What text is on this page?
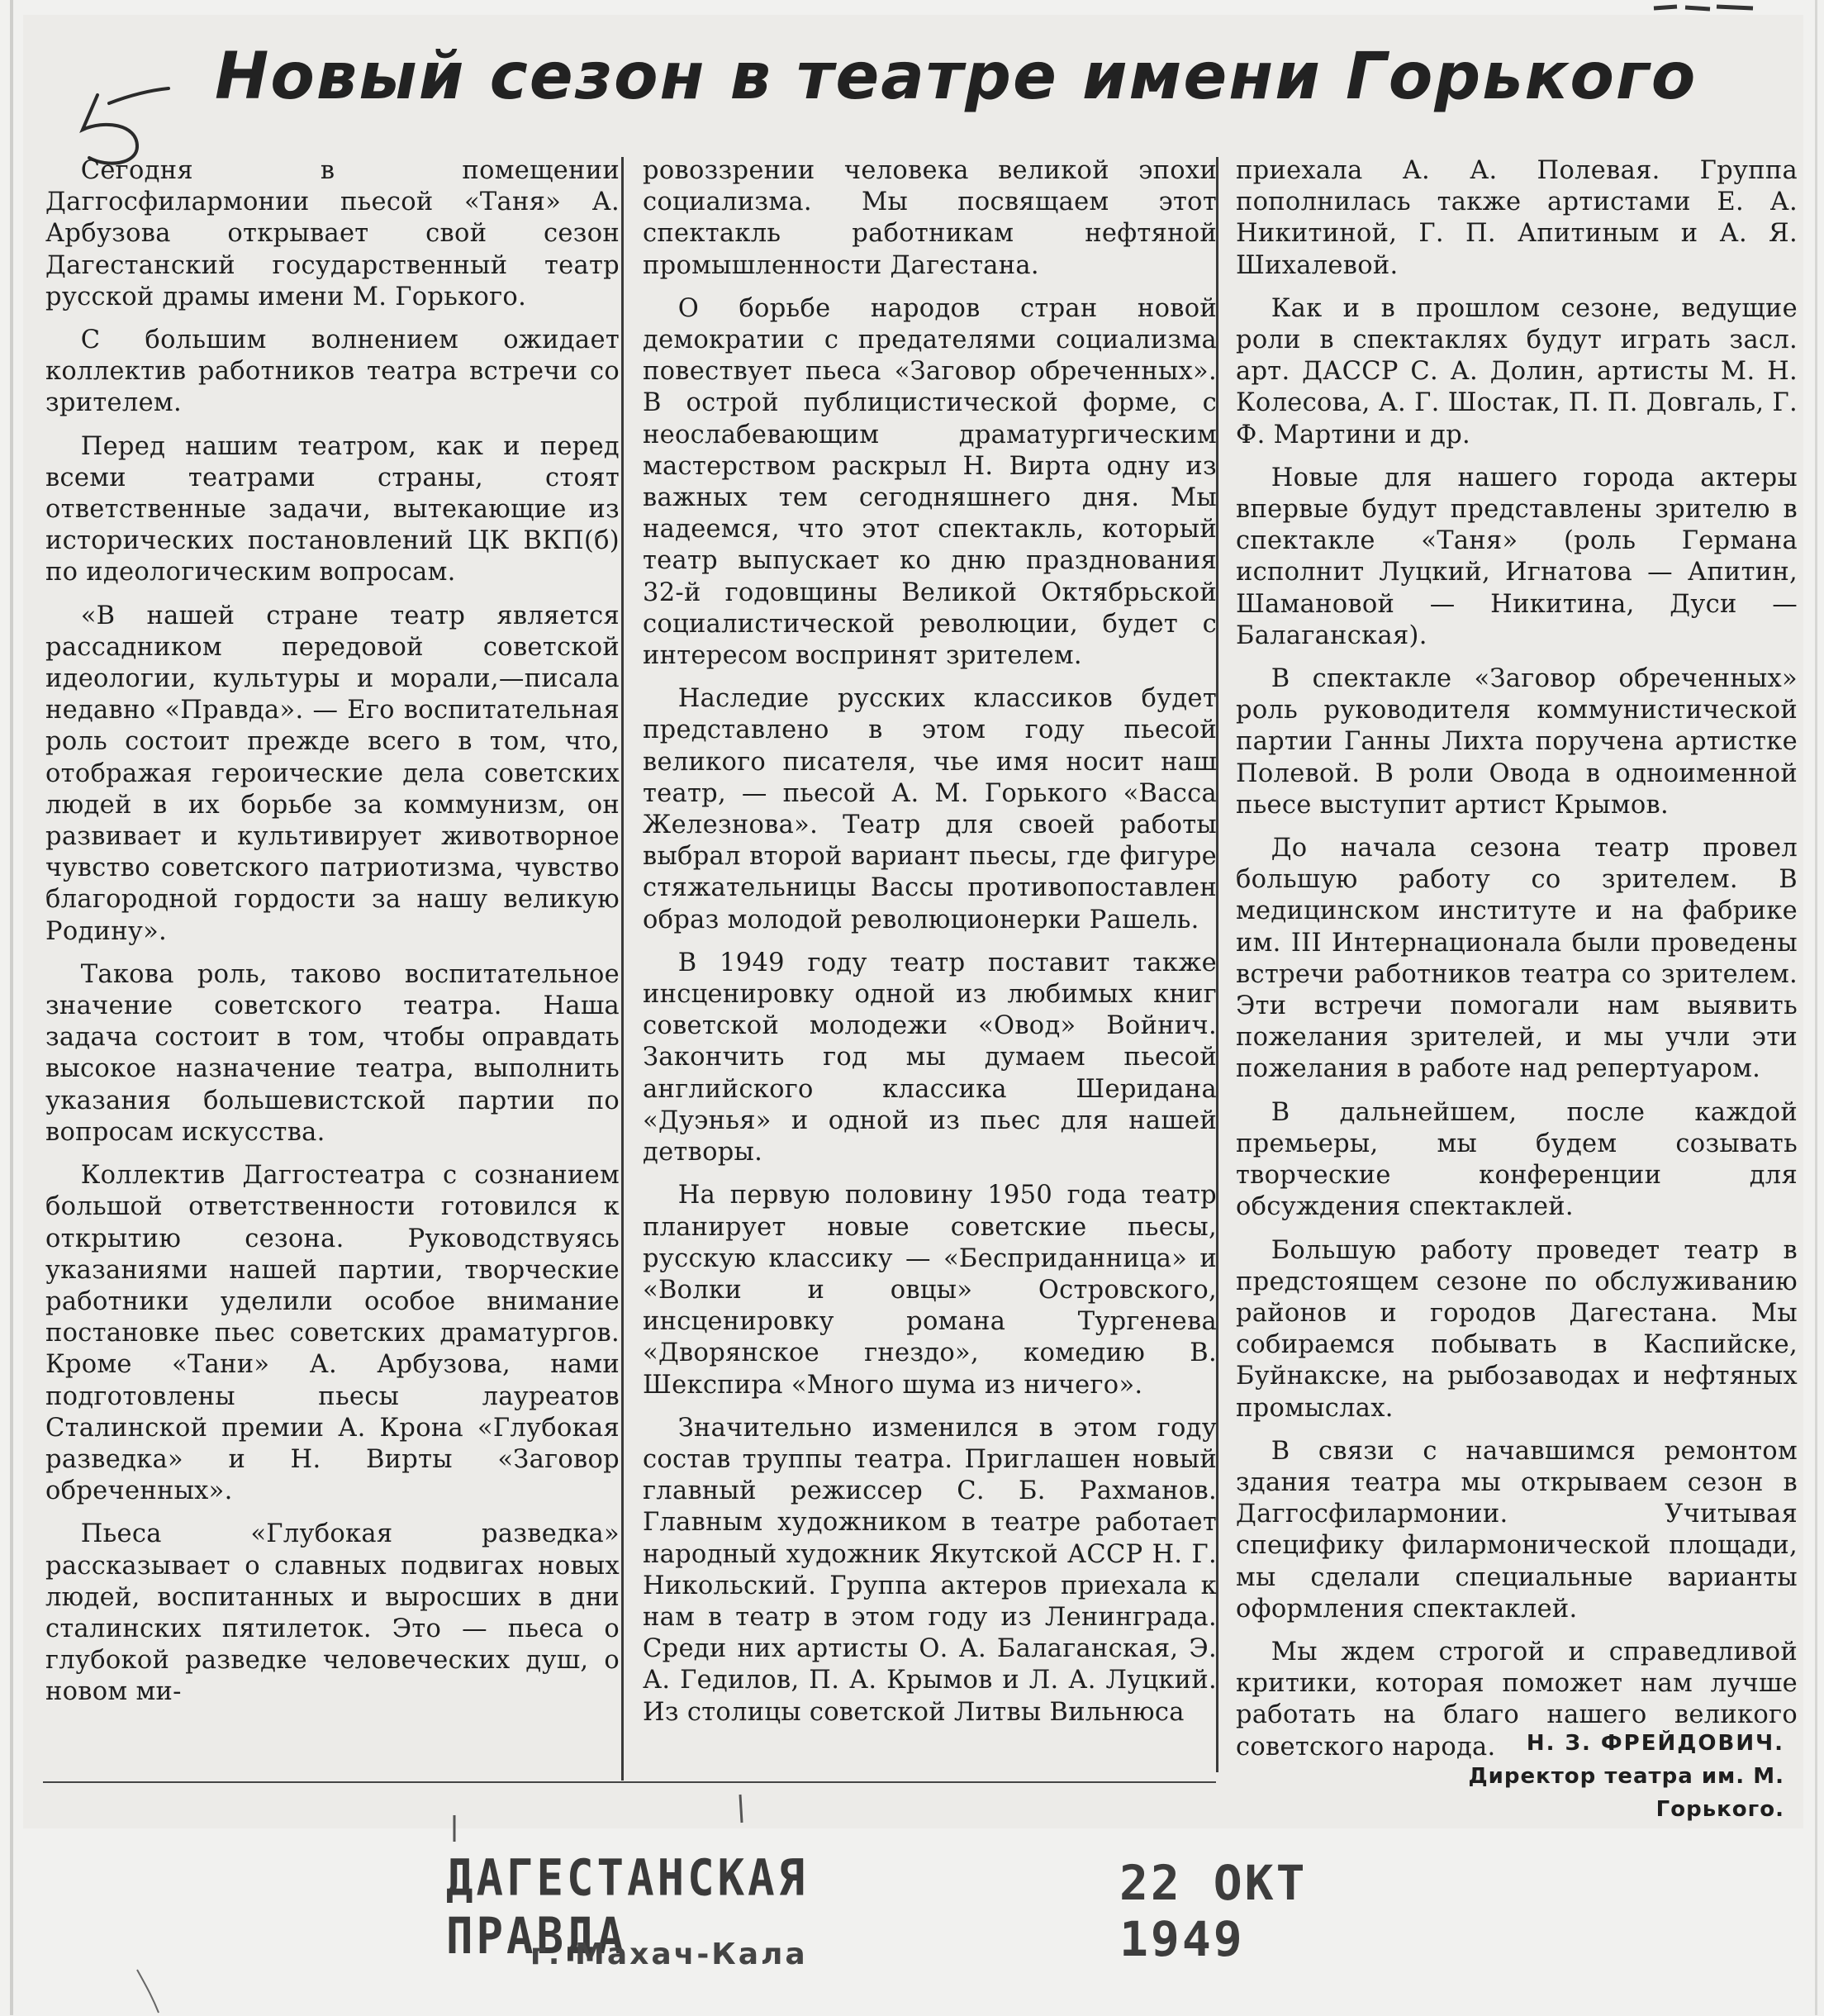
Новый сезон в театре имени Горького

Сегодня в помещении Даггосфилармонии пьесой «Таня» А. Арбузова открывает свой сезон Дагестанский государственный театр русской драмы имени М. Горького.

С большим волнением ожидает коллектив работников театра встречи со зрителем.

Перед нашим театром, как и перед всеми театрами страны, стоят ответственные задачи, вытекающие из исторических постановлений ЦК ВКП(б) по идеологическим вопросам.

«В нашей стране театр является рассадником передовой советской идеологии, культуры и морали,—писала недавно «Правда». — Его воспитательная роль состоит прежде всего в том, что, отображая героические дела советских людей в их борьбе за коммунизм, он развивает и культивирует животворное чувство советского патриотизма, чувство благородной гордости за нашу великую Родину».

Такова роль, таково воспитательное значение советского театра. Наша задача состоит в том, чтобы оправдать высокое назначение театра, выполнить указания большевистской партии по вопросам искусства.

Коллектив Даггостеатра с сознанием большой ответственности готовился к открытию сезона. Руководствуясь указаниями нашей партии, творческие работники уделили особое внимание постановке пьес советских драматургов. Кроме «Тани» А. Арбузова, нами подготовлены пьесы лауреатов Сталинской премии А. Крона «Глубокая разведка» и Н. Вирты «Заговор обреченных».

Пьеса «Глубокая разведка» рассказывает о славных подвигах новых людей, воспитанных и выросших в дни сталинских пятилеток. Это — пьеса о глубокой разведке человеческих душ, о новом ми-

ровоззрении человека великой эпохи социализма. Мы посвящаем этот спектакль работникам нефтяной промышленности Дагестана.

О борьбе народов стран новой демократии с предателями социализма повествует пьеса «Заговор обреченных». В острой публицистической форме, с неослабевающим драматургическим мастерством раскрыл Н. Вирта одну из важных тем сегодняшнего дня. Мы надеемся, что этот спектакль, который театр выпускает ко дню празднования 32-й годовщины Великой Октябрьской социалистической революции, будет с интересом воспринят зрителем.

Наследие русских классиков будет представлено в этом году пьесой великого писателя, чье имя носит наш театр, — пьесой А. М. Горького «Васса Железнова». Театр для своей работы выбрал второй вариант пьесы, где фигуре стяжательницы Вассы противопоставлен образ молодой революционерки Рашель.

В 1949 году театр поставит также инсценировку одной из любимых книг советской молодежи «Овод» Войнич. Закончить год мы думаем пьесой английского классика Шеридана «Дуэнья» и одной из пьес для нашей детворы.

На первую половину 1950 года театр планирует новые советские пьесы, русскую классику — «Бесприданница» и «Волки и овцы» Островского, инсценировку романа Тургенева «Дворянское гнездо», комедию В. Шекспира «Много шума из ничего».

Значительно изменился в этом году состав труппы театра. Приглашен новый главный режиссер С. Б. Рахманов. Главным художником в театре работает народный художник Якутской АССР Н. Г. Никольский. Группа актеров приехала к нам в театр в этом году из Ленинграда. Среди них артисты О. А. Балаганская, Э. А. Гедилов, П. А. Крымов и Л. А. Луцкий. Из столицы советской Литвы Вильнюса

приехала А. А. Полевая. Группа пополнилась также артистами Е. А. Никитиной, Г. П. Апитиным и А. Я. Шихалевой.

Как и в прошлом сезоне, ведущие роли в спектаклях будут играть засл. арт. ДАССР С. А. Долин, артисты М. Н. Колесова, А. Г. Шостак, П. П. Довгаль, Г. Ф. Мартини и др.

Новые для нашего города актеры впервые будут представлены зрителю в спектакле «Таня» (роль Германа исполнит Луцкий, Игнатова — Апитин, Шамановой — Никитина, Дуси — Балаганская).

В спектакле «Заговор обреченных» роль руководителя коммунистической партии Ганны Лихта поручена артистке Полевой. В роли Овода в одноименной пьесе выступит артист Крымов.

До начала сезона театр провел большую работу со зрителем. В медицинском институте и на фабрике им. III Интернационала были проведены встречи работников театра со зрителем. Эти встречи помогали нам выявить пожелания зрителей, и мы учли эти пожелания в работе над репертуаром.

В дальнейшем, после каждой премьеры, мы будем созывать творческие конференции для обсуждения спектаклей.

Большую работу проведет театр в предстоящем сезоне по обслуживанию районов и городов Дагестана. Мы собираемся побывать в Каспийске, Буйнакске, на рыбозаводах и нефтяных промыслах.

В связи с начавшимся ремонтом здания театра мы открываем сезон в Даггосфилармонии. Учитывая специфику филармонической площади, мы сделали специальные варианты оформления спектаклей.

Мы ждем строгой и справедливой критики, которая поможет нам лучше работать на благо нашего великого советского народа.	Н. З. ФРЕЙДОВИЧ.
Директор театра им. М. Горького.
ДАГЕСТАНСКАЯ ПРАВДА
г. Махач-Кала
22 ОКТ 1949
